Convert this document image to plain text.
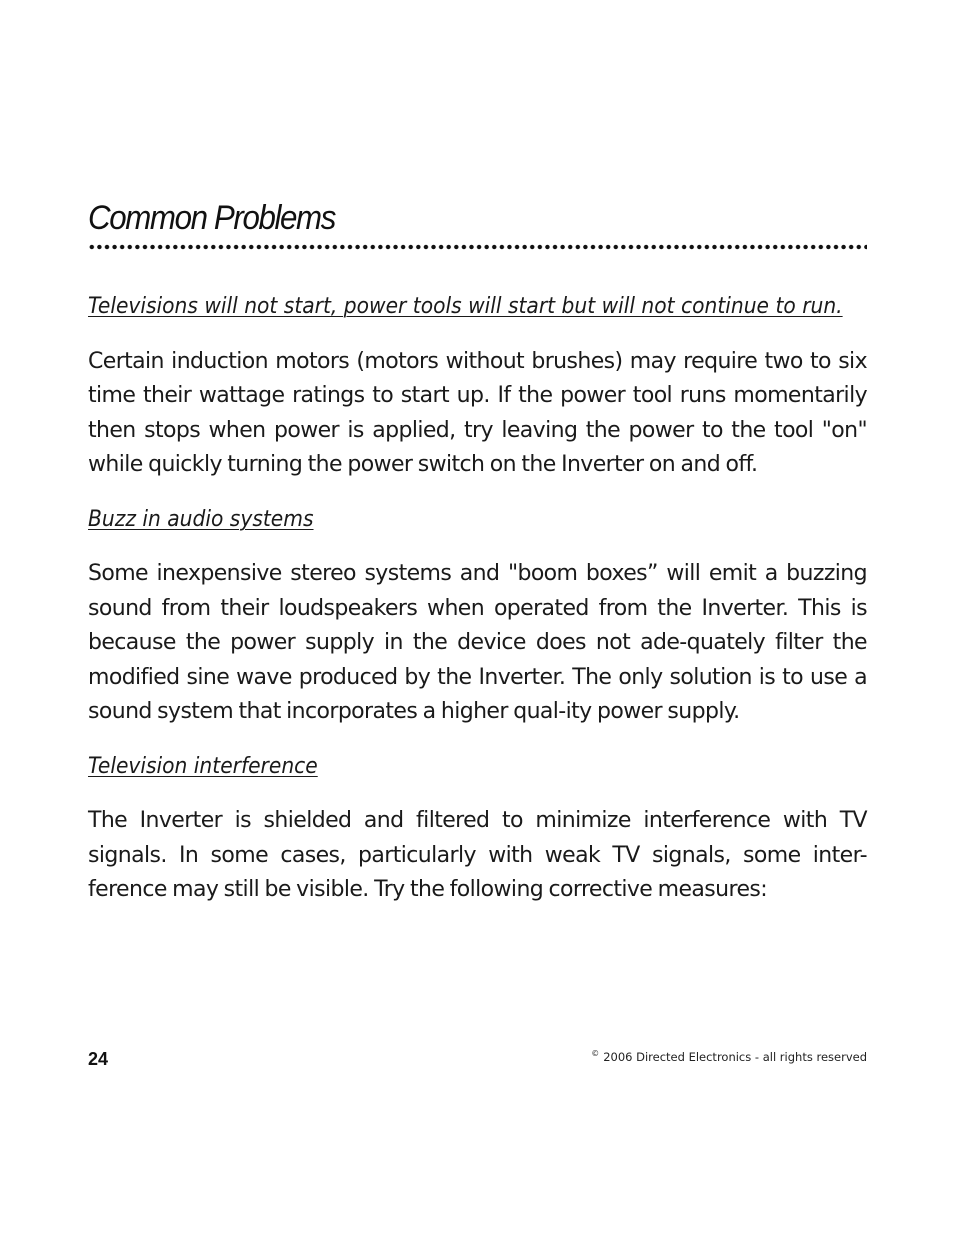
Common Problems

Televisions will not start, power tools will start but will not continue to run.

Certain induction motors (motors without brushes) may require two to six time their wattage ratings to start up. If the power tool runs momentarily then stops when power is applied, try leaving the power to the tool "on" while quickly turning the power switch on the Inverter on and off.

Buzz in audio systems

Some inexpensive stereo systems and "boom boxes” will emit a buzzing sound from their loudspeakers when operated from the Inverter. This is because the power supply in the device does not ade-quately filter the modified sine wave produced by the Inverter. The only solution is to use a sound system that incorporates a higher qual-ity power supply.

Television interference

The Inverter is shielded and filtered to minimize interference with TV signals. In some cases, particularly with weak TV signals, some inter-ference may still be visible. Try the following corrective measures:

24	© 2006 Directed Electronics - all rights reserved
